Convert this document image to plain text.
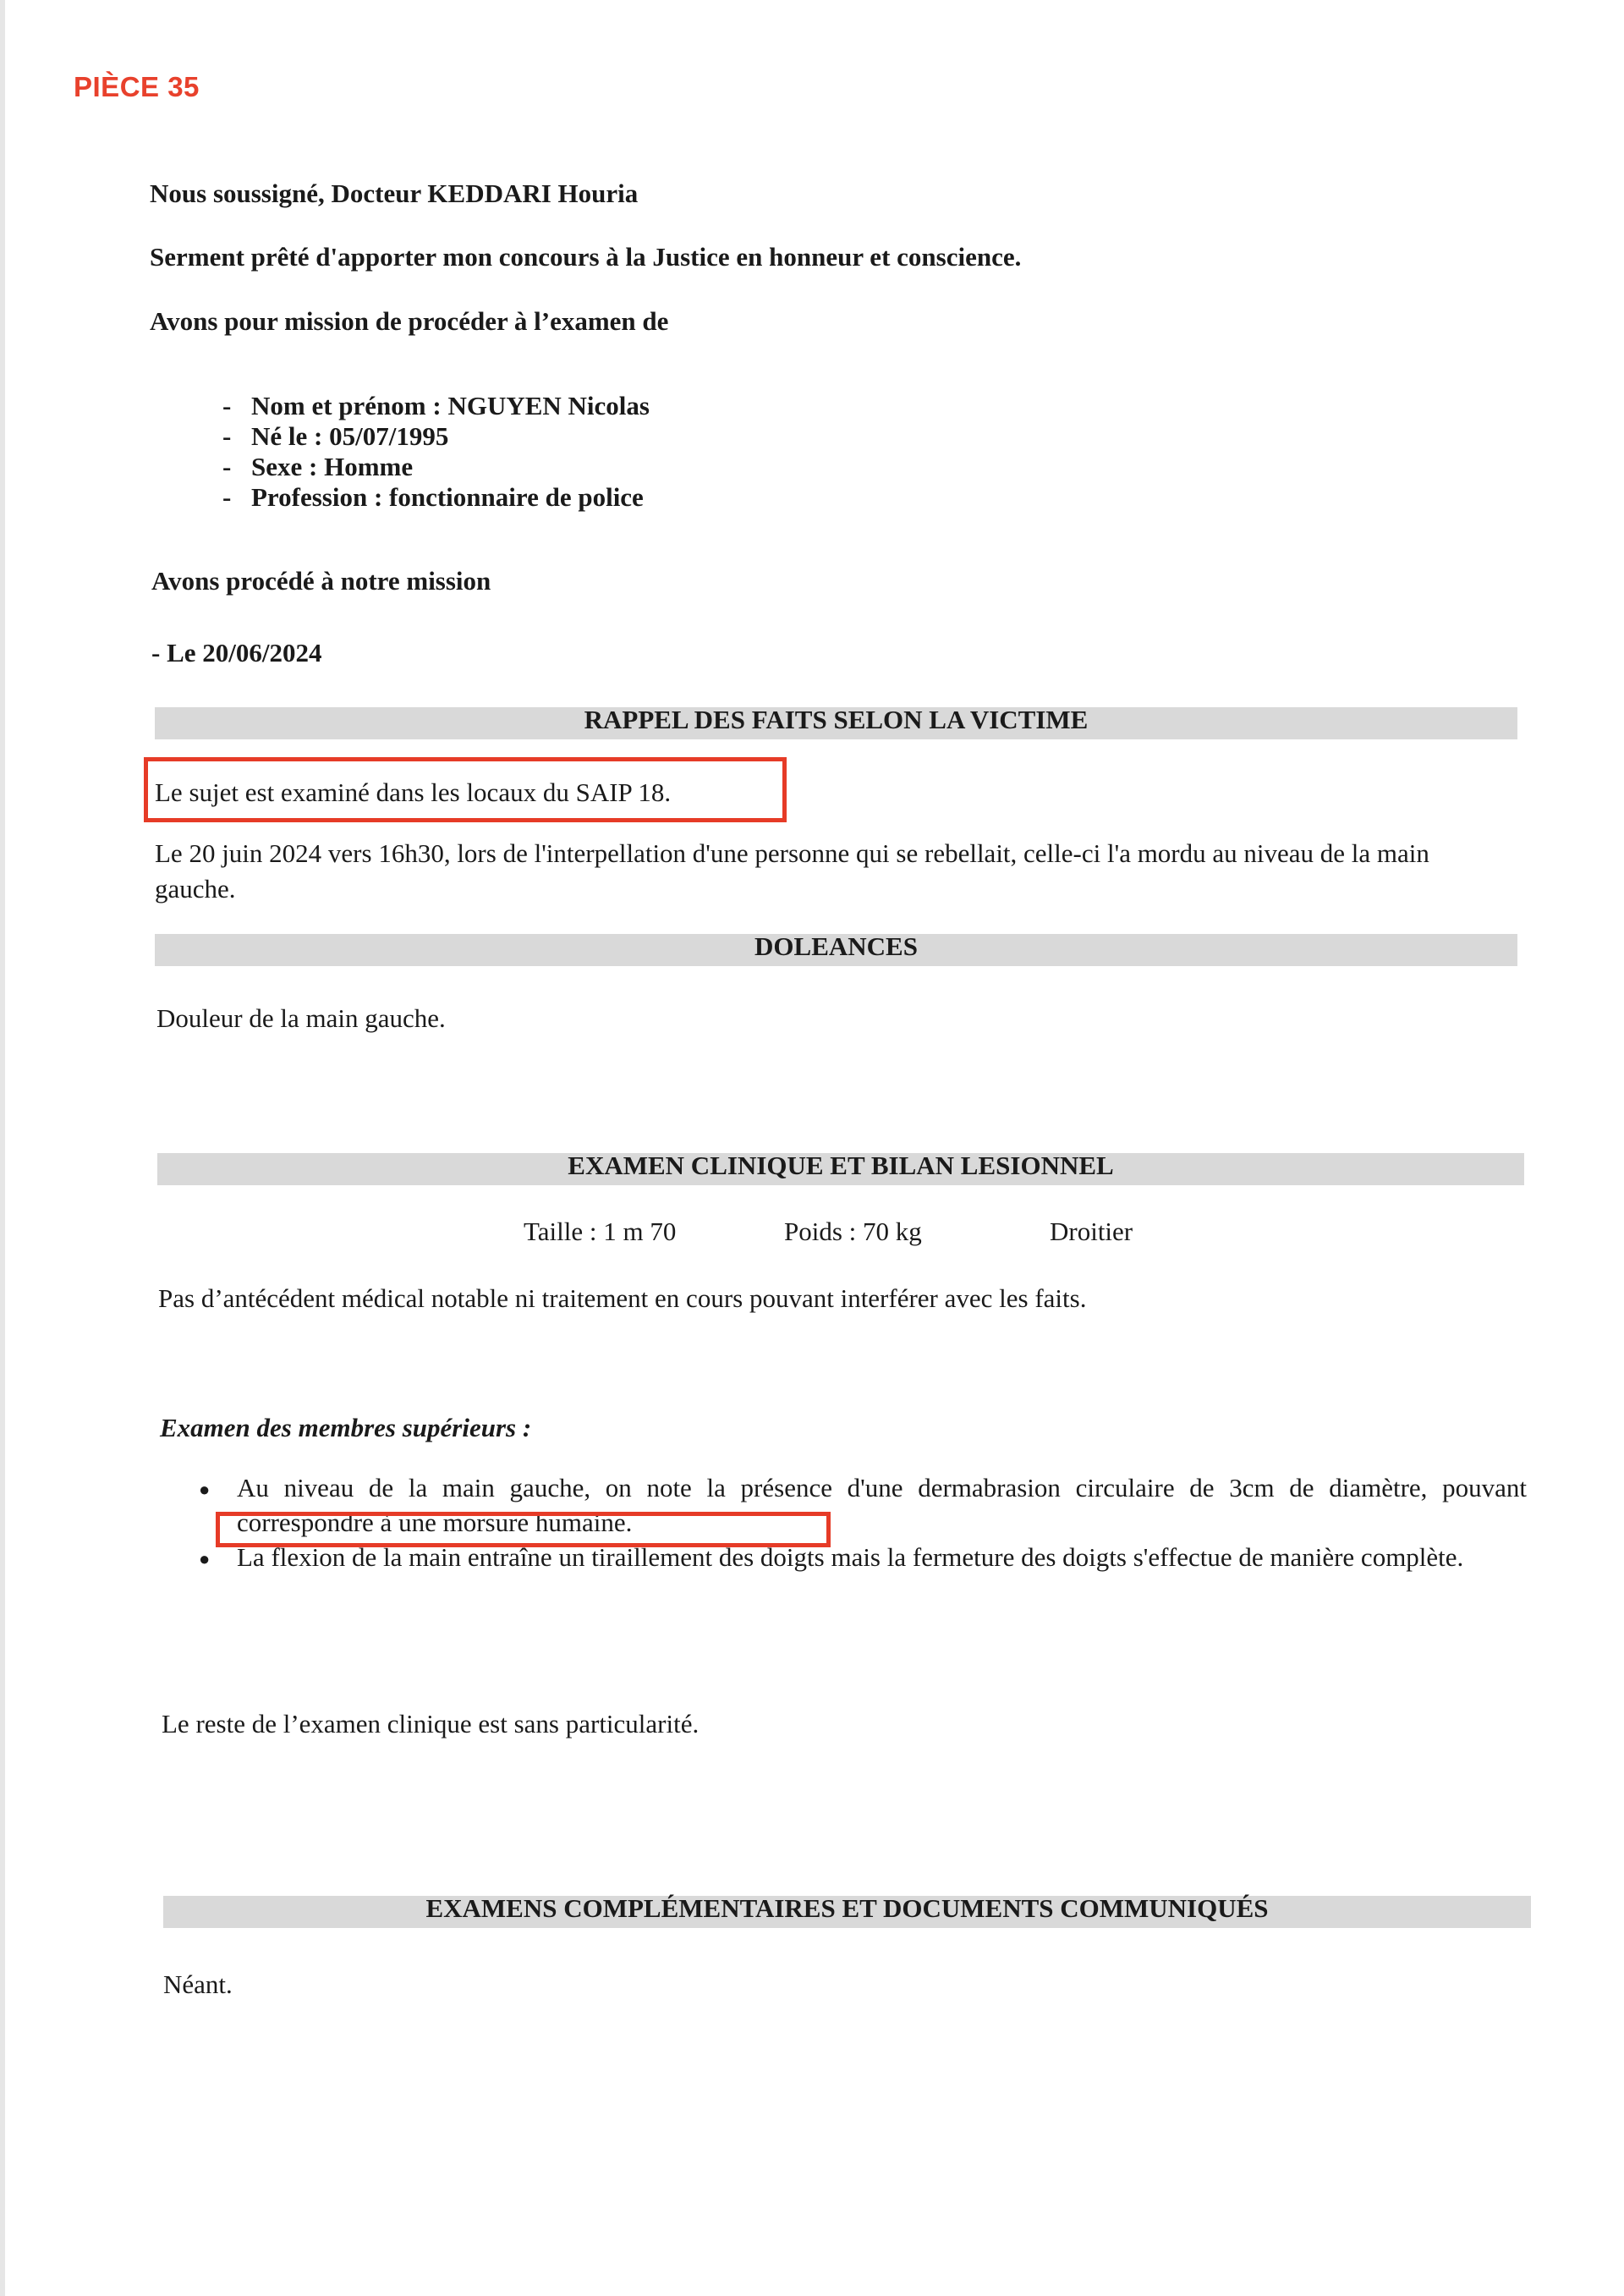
PIÈCE 35
Nous soussigné, Docteur KEDDARI Houria
Serment prêté d'apporter mon concours à la Justice en honneur et conscience.
Avons pour mission de procéder à l’examen de
- Nom et prénom : NGUYEN Nicolas
- Né le : 05/07/1995
- Sexe : Homme
- Profession : fonctionnaire de police
Avons procédé à notre mission
- Le 20/06/2024
RAPPEL DES FAITS SELON LA VICTIME
Le sujet est examiné dans les locaux du SAIP 18.
Le 20 juin 2024 vers 16h30, lors de l'interpellation d'une personne qui se rebellait, celle-ci l'a mordu au niveau de la main gauche.
DOLEANCES
Douleur de la main gauche.
EXAMEN CLINIQUE ET BILAN LESIONNEL
Taille : 1 m 70	Poids : 70 kg	Droitier
Pas d’antécédent médical notable ni traitement en cours pouvant interférer avec les faits.
Examen des membres supérieurs :
●	Au niveau de la main gauche, on note la présence d'une dermabrasion circulaire de 3cm de diamètre, pouvant correspondre à une morsure humaine.
●	La flexion de la main entraîne un tiraillement des doigts mais la fermeture des doigts s'effectue de manière complète.
Le reste de l’examen clinique est sans particularité.
EXAMENS COMPLÉMENTAIRES ET DOCUMENTS COMMUNIQUÉS
Néant.
